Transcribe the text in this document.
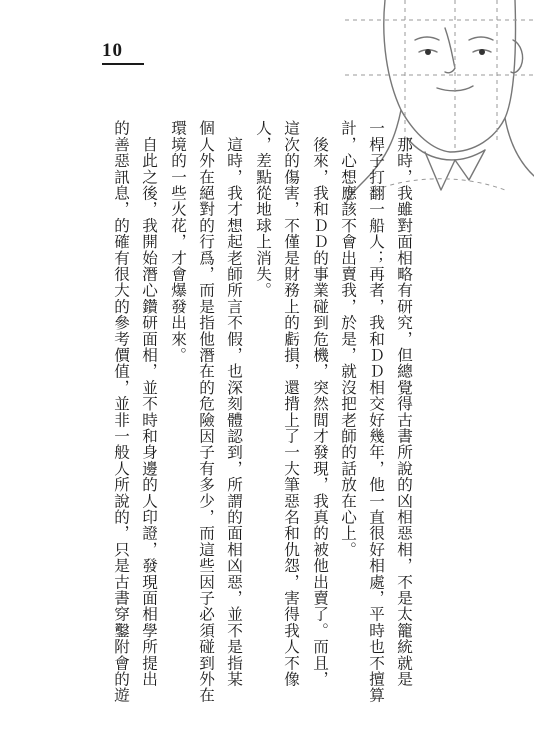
10
　那時，我雖對面相略有研究，但總覺得古書所說的凶相惡相，不是太籠統就是
一桿子打翻一船人；再者，我和ＤＤ相交好幾年，他一直很好相處，平時也不擅算
計，心想應該不會出賣我，於是，就沒把老師的話放在心上。
　後來，我和ＤＤ的事業碰到危機，突然間才發現，我真的被他出賣了。而且，
這次的傷害，不僅是財務上的虧損，還揹上了一大筆惡名和仇怨，害得我人不像
人，差點從地球上消失。
　這時，我才想起老師所言不假，也深刻體認到，所謂的面相凶惡，並不是指某
個人外在絕對的行爲，而是指他潛在的危險因子有多少，而這些因子必須碰到外在
環境的一些火花，才會爆發出來。
　自此之後，我開始潛心鑽研面相，並不時和身邊的人印證，發現面相學所提出
的善惡訊息，的確有很大的參考價值，並非一般人所說的，只是古書穿鑿附會的遊
